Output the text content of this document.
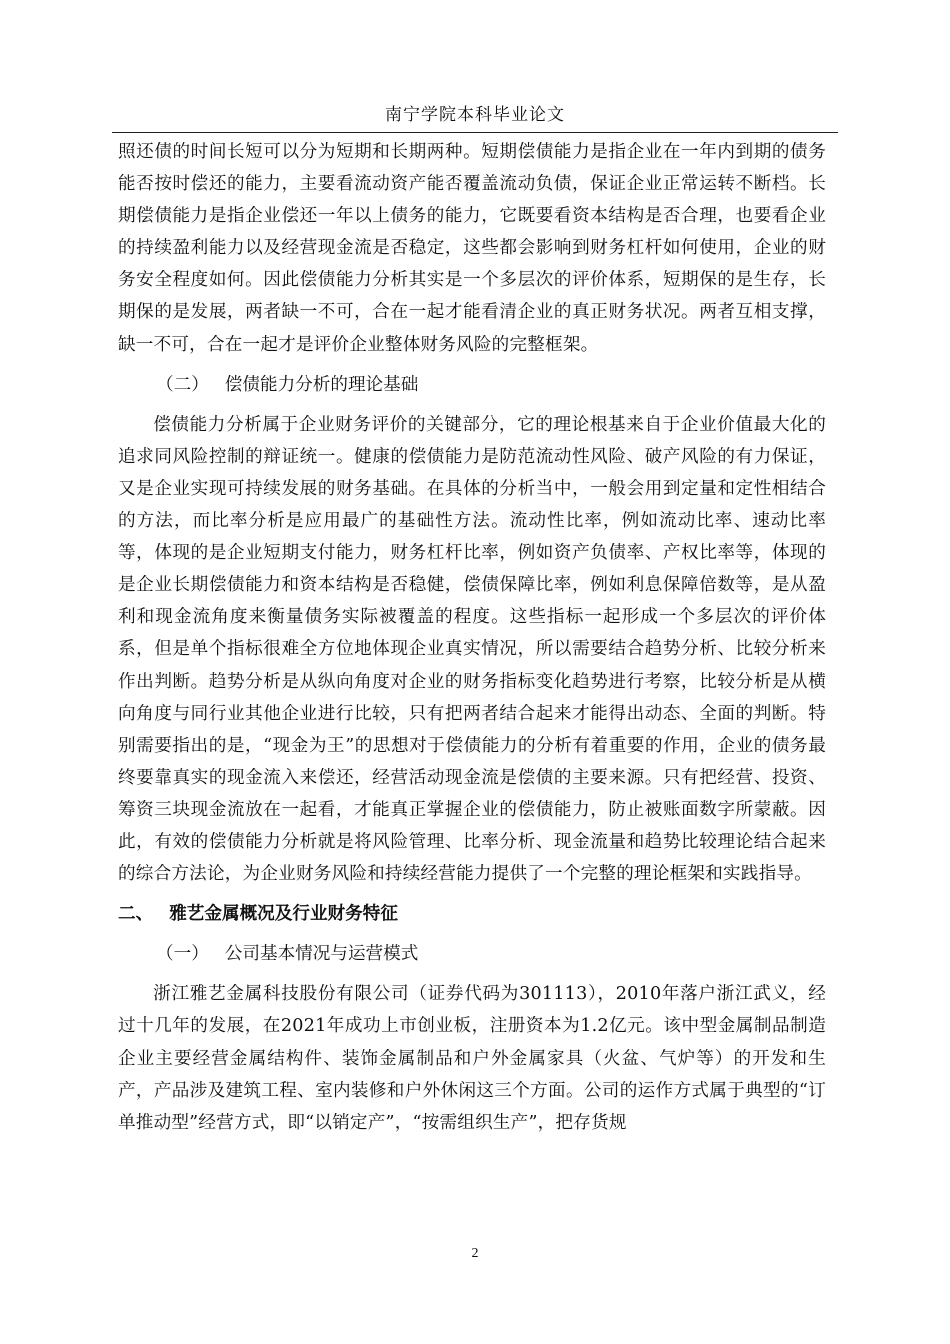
南宁学院本科毕业论文

照还债的时间长短可以分为短期和长期两种。短期偿债能力是指企业在一年内到期的债务能否按时偿还的能力，主要看流动资产能否覆盖流动负债，保证企业正常运转不断档。长期偿债能力是指企业偿还一年以上债务的能力，它既要看资本结构是否合理，也要看企业的持续盈利能力以及经营现金流是否稳定，这些都会影响到财务杠杆如何使用，企业的财务安全程度如何。因此偿债能力分析其实是一个多层次的评价体系，短期保的是生存，长期保的是发展，两者缺一不可，合在一起才能看清企业的真正财务状况。两者互相支撑，缺一不可，合在一起才是评价企业整体财务风险的完整框架。

（二） 偿债能力分析的理论基础

偿债能力分析属于企业财务评价的关键部分，它的理论根基来自于企业价值最大化的追求同风险控制的辩证统一。健康的偿债能力是防范流动性风险、破产风险的有力保证，又是企业实现可持续发展的财务基础。在具体的分析当中，一般会用到定量和定性相结合的方法，而比率分析是应用最广的基础性方法。流动性比率，例如流动比率、速动比率等，体现的是企业短期支付能力，财务杠杆比率，例如资产负债率、产权比率等，体现的是企业长期偿债能力和资本结构是否稳健，偿债保障比率，例如利息保障倍数等，是从盈利和现金流角度来衡量债务实际被覆盖的程度。这些指标一起形成一个多层次的评价体系，但是单个指标很难全方位地体现企业真实情况，所以需要结合趋势分析、比较分析来作出判断。趋势分析是从纵向角度对企业的财务指标变化趋势进行考察，比较分析是从横向角度与同行业其他企业进行比较，只有把两者结合起来才能得出动态、全面的判断。特别需要指出的是，“现金为王”的思想对于偿债能力的分析有着重要的作用，企业的债务最终要靠真实的现金流入来偿还，经营活动现金流是偿债的主要来源。只有把经营、投资、筹资三块现金流放在一起看，才能真正掌握企业的偿债能力，防止被账面数字所蒙蔽。因此，有效的偿债能力分析就是将风险管理、比率分析、现金流量和趋势比较理论结合起来的综合方法论，为企业财务风险和持续经营能力提供了一个完整的理论框架和实践指导。

二、 雅艺金属概况及行业财务特征

（一） 公司基本情况与运营模式

浙江雅艺金属科技股份有限公司（证券代码为301113），2010年落户浙江武义，经过十几年的发展，在2021年成功上市创业板，注册资本为1.2亿元。该中型金属制品制造企业主要经营金属结构件、装饰金属制品和户外金属家具（火盆、气炉等）的开发和生产，产品涉及建筑工程、室内装修和户外休闲这三个方面。公司的运作方式属于典型的“订单推动型”经营方式，即“以销定产”，“按需组织生产”，把存货规

2
